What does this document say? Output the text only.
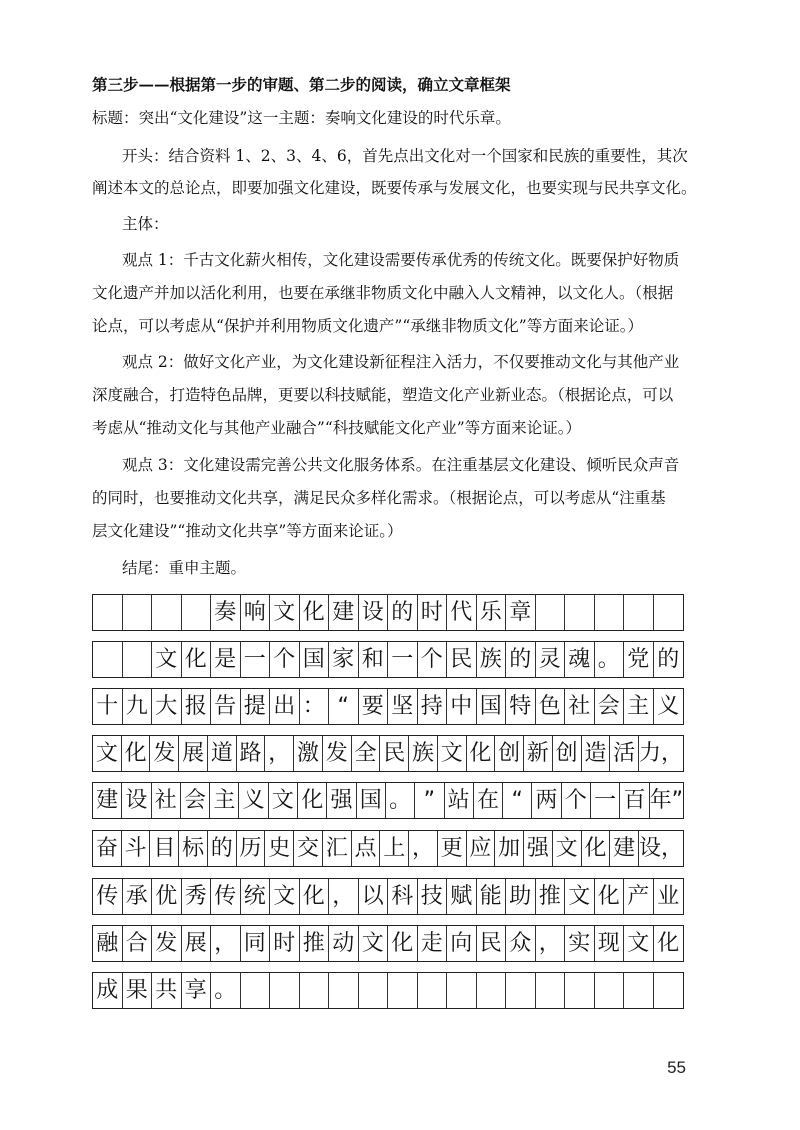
第三步——根据第一步的审题、第二步的阅读，确立文章框架
标题：突出“文化建设”这一主题：奏响文化建设的时代乐章。
开头：结合资料 1、2、3、4、6，首先点出文化对一个国家和民族的重要性，其次
阐述本文的总论点，即要加强文化建设，既要传承与发展文化，也要实现与民共享文化。
主体：
观点 1：千古文化薪火相传，文化建设需要传承优秀的传统文化。既要保护好物质
文化遗产并加以活化利用，也要在承继非物质文化中融入人文精神，以文化人。（根据
论点，可以考虑从“保护并利用物质文化遗产”“承继非物质文化”等方面来论证。）
观点 2：做好文化产业，为文化建设新征程注入活力，不仅要推动文化与其他产业
深度融合，打造特色品牌，更要以科技赋能，塑造文化产业新业态。（根据论点，可以
考虑从“推动文化与其他产业融合”“科技赋能文化产业”等方面来论证。）
观点 3：文化建设需完善公共文化服务体系。在注重基层文化建设、倾听民众声音
的同时，也要推动文化共享，满足民众多样化需求。（根据论点，可以考虑从“注重基
层文化建设”“推动文化共享”等方面来论证。）
结尾：重申主题。
奏 响 文 化 建 设 的 时 代 乐 章
文 化 是 一 个 国 家 和 一 个 民 族 的 灵 魂 。 党 的
十 九 大 报 告 提 出 ： “ 要 坚 持 中 国 特 色 社 会 主 义
文 化 发 展 道 路 ， 激 发 全 民 族 文 化 创 新 创 造 活 力，
建 设 社 会 主 义 文 化 强 国 。 ” 站 在 “ 两 个 一 百 年”
奋 斗 目 标 的 历 史 交 汇 点 上 ， 更 应 加 强 文 化 建 设，
传 承 优 秀 传 统 文 化 ， 以 科 技 赋 能 助 推 文 化 产 业
融 合 发 展 ， 同 时 推 动 文 化 走 向 民 众 ， 实 现 文 化
成 果 共 享 。
55
